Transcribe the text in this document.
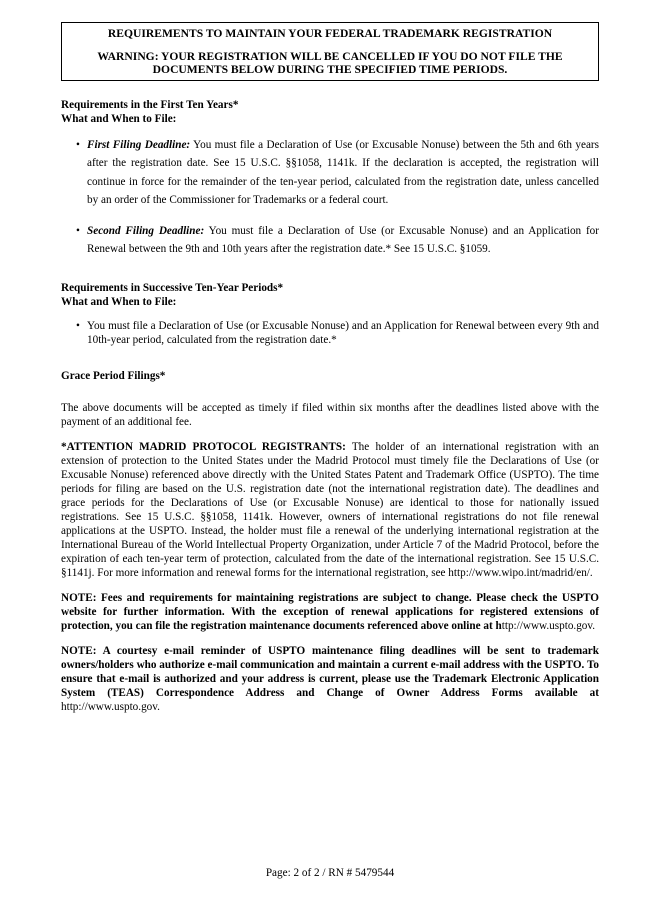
REQUIREMENTS TO MAINTAIN YOUR FEDERAL TRADEMARK REGISTRATION
WARNING: YOUR REGISTRATION WILL BE CANCELLED IF YOU DO NOT FILE THE DOCUMENTS BELOW DURING THE SPECIFIED TIME PERIODS.
Requirements in the First Ten Years*
What and When to File:
• First Filing Deadline: You must file a Declaration of Use (or Excusable Nonuse) between the 5th and 6th years after the registration date. See 15 U.S.C. §§1058, 1141k. If the declaration is accepted, the registration will continue in force for the remainder of the ten-year period, calculated from the registration date, unless cancelled by an order of the Commissioner for Trademarks or a federal court.
• Second Filing Deadline: You must file a Declaration of Use (or Excusable Nonuse) and an Application for Renewal between the 9th and 10th years after the registration date.* See 15 U.S.C. §1059.
Requirements in Successive Ten-Year Periods*
What and When to File:
• You must file a Declaration of Use (or Excusable Nonuse) and an Application for Renewal between every 9th and 10th-year period, calculated from the registration date.*
Grace Period Filings*
The above documents will be accepted as timely if filed within six months after the deadlines listed above with the payment of an additional fee.
*ATTENTION MADRID PROTOCOL REGISTRANTS: The holder of an international registration with an extension of protection to the United States under the Madrid Protocol must timely file the Declarations of Use (or Excusable Nonuse) referenced above directly with the United States Patent and Trademark Office (USPTO). The time periods for filing are based on the U.S. registration date (not the international registration date). The deadlines and grace periods for the Declarations of Use (or Excusable Nonuse) are identical to those for nationally issued registrations. See 15 U.S.C. §§1058, 1141k. However, owners of international registrations do not file renewal applications at the USPTO. Instead, the holder must file a renewal of the underlying international registration at the International Bureau of the World Intellectual Property Organization, under Article 7 of the Madrid Protocol, before the expiration of each ten-year term of protection, calculated from the date of the international registration. See 15 U.S.C. §1141j. For more information and renewal forms for the international registration, see http://www.wipo.int/madrid/en/.
NOTE: Fees and requirements for maintaining registrations are subject to change. Please check the USPTO website for further information. With the exception of renewal applications for registered extensions of protection, you can file the registration maintenance documents referenced above online at http://www.uspto.gov.
NOTE: A courtesy e-mail reminder of USPTO maintenance filing deadlines will be sent to trademark owners/holders who authorize e-mail communication and maintain a current e-mail address with the USPTO. To ensure that e-mail is authorized and your address is current, please use the Trademark Electronic Application System (TEAS) Correspondence Address and Change of Owner Address Forms available at http://www.uspto.gov.
Page: 2 of 2 / RN # 5479544
